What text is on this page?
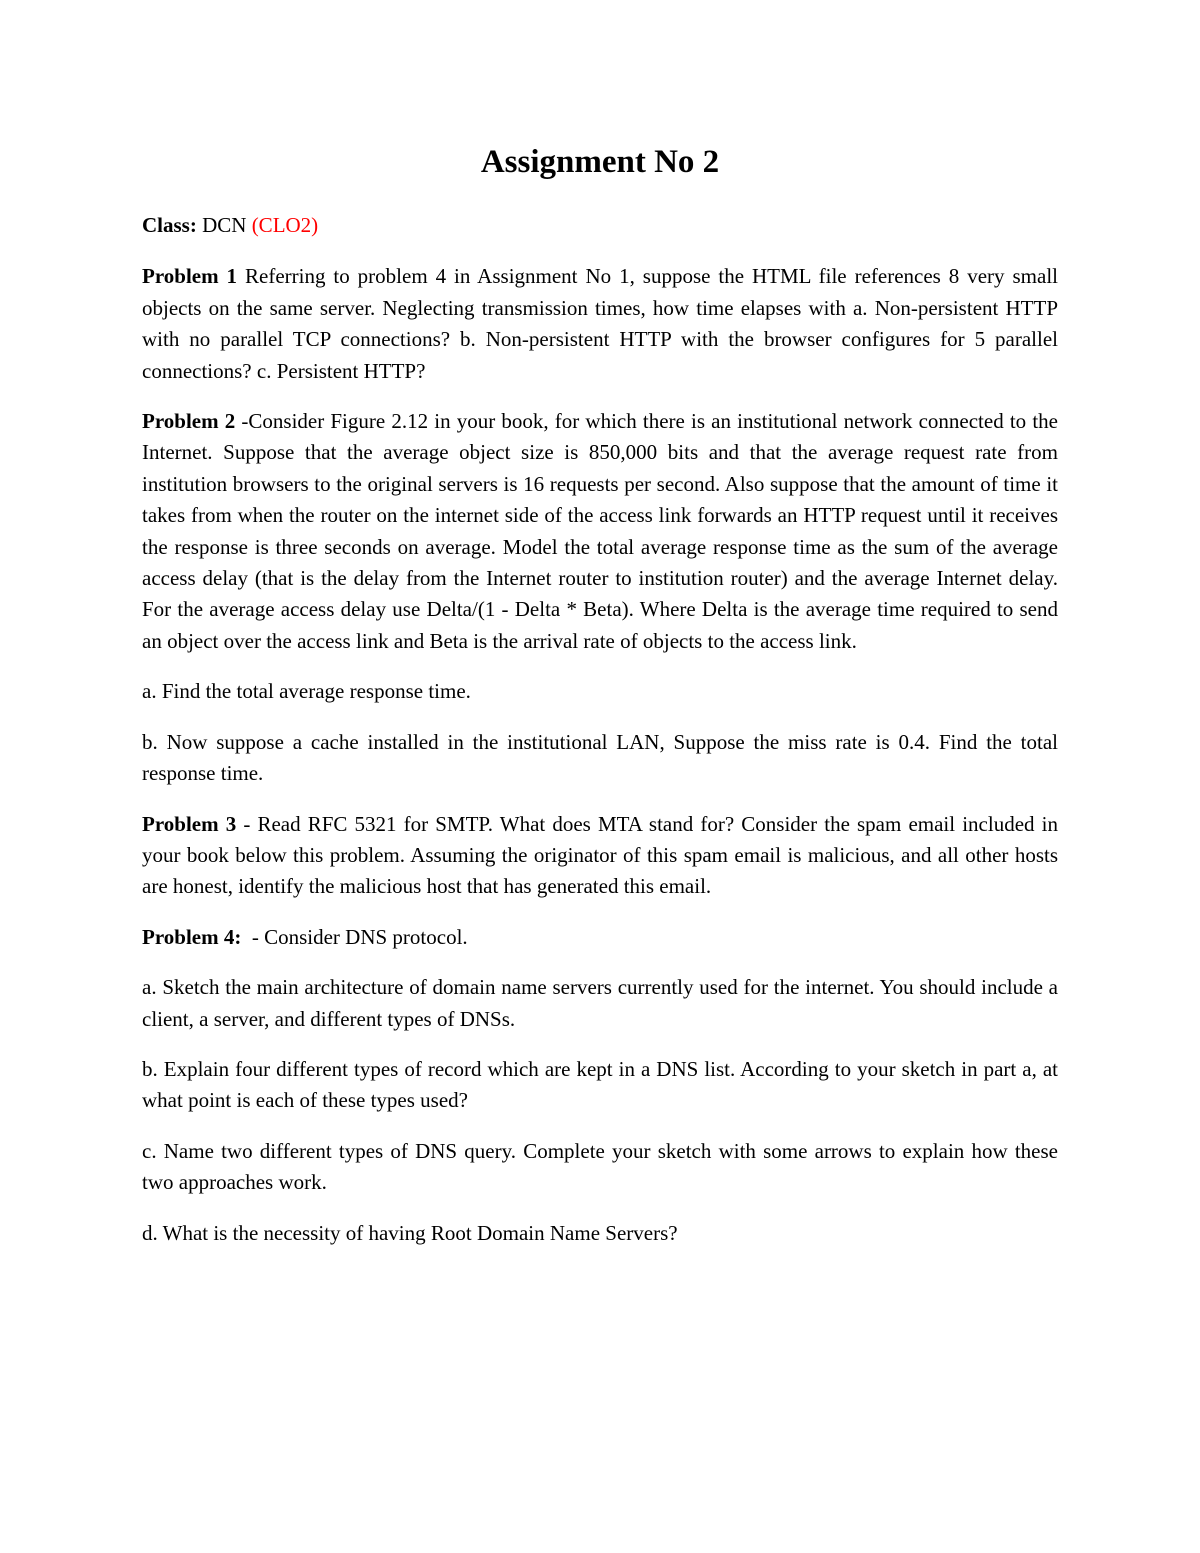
Assignment No 2
Class: DCN (CLO2)
Problem 1 Referring to problem 4 in Assignment No 1, suppose the HTML file references 8 very small objects on the same server. Neglecting transmission times, how time elapses with a. Non-persistent HTTP with no parallel TCP connections? b. Non-persistent HTTP with the browser configures for 5 parallel connections? c. Persistent HTTP?
Problem 2 -Consider Figure 2.12 in your book, for which there is an institutional network connected to the Internet. Suppose that the average object size is 850,000 bits and that the average request rate from institution browsers to the original servers is 16 requests per second. Also suppose that the amount of time it takes from when the router on the internet side of the access link forwards an HTTP request until it receives the response is three seconds on average. Model the total average response time as the sum of the average access delay (that is the delay from the Internet router to institution router) and the average Internet delay. For the average access delay use Delta/(1 - Delta * Beta). Where Delta is the average time required to send an object over the access link and Beta is the arrival rate of objects to the access link.
a. Find the total average response time.
b. Now suppose a cache installed in the institutional LAN, Suppose the miss rate is 0.4. Find the total response time.
Problem 3 - Read RFC 5321 for SMTP. What does MTA stand for? Consider the spam email included in your book below this problem. Assuming the originator of this spam email is malicious, and all other hosts are honest, identify the malicious host that has generated this email.
Problem 4:  - Consider DNS protocol.
a. Sketch the main architecture of domain name servers currently used for the internet. You should include a client, a server, and different types of DNSs.
b. Explain four different types of record which are kept in a DNS list. According to your sketch in part a, at what point is each of these types used?
c. Name two different types of DNS query. Complete your sketch with some arrows to explain how these two approaches work.
d. What is the necessity of having Root Domain Name Servers?
